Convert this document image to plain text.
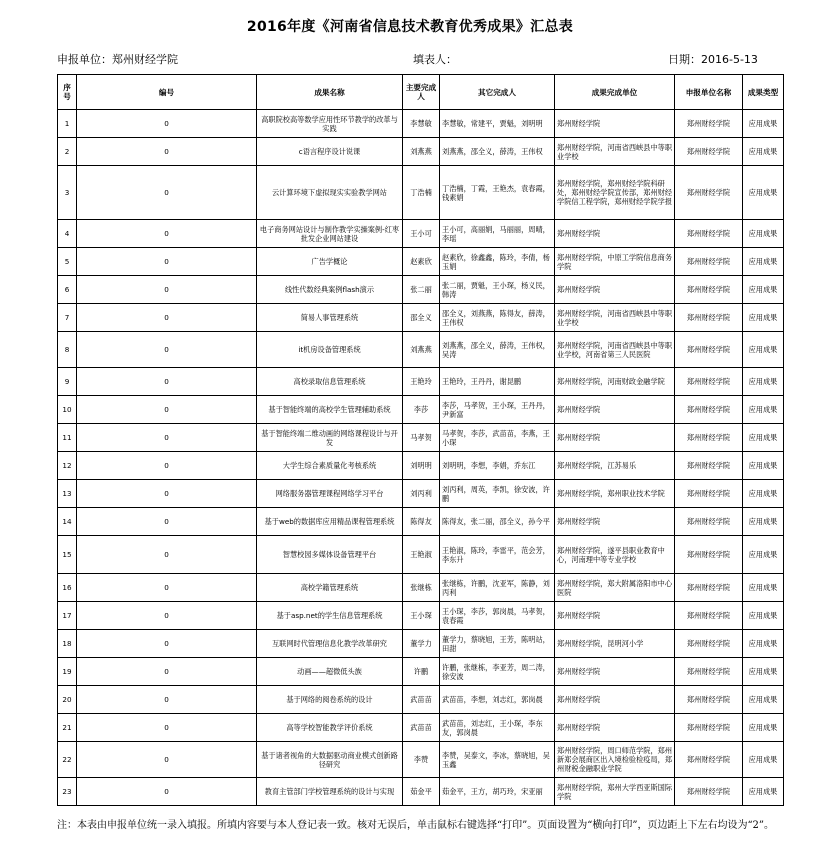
2016年度《河南省信息技术教育优秀成果》汇总表
申报单位：郑州财经学院	填表人：	日期：2016-5-13
序号	编号	成果名称	主要完成人	其它完成人	成果完成单位	申报单位名称	成果类型
1	0	高职院校高等数学应用性环节教学的改革与实践	李慧敏	李慧敏，常建平，贾魁，刘明明	郑州财经学院	郑州财经学院	应用成果
2	0	c语言程序设计说课	刘燕燕	刘燕燕，邵全义，薛涛，王伟权	郑州财经学院，河南省西峡县中等职业学校	郑州财经学院	应用成果
3	0	云计算环境下虚拟现实实验教学网站	丁浩楠	丁浩楠，丁霞，王艳杰，袁春霞，钱素娟	郑州财经学院，郑州财经学院科研处，郑州财经学院宣传部，郑州财经学院信工程学院，郑州财经学院学报	郑州财经学院	应用成果
4	0	电子商务网站设计与制作教学实操案例-红枣批发企业网站建设	王小可	王小可，高丽娟，马丽丽，周晴，李瑶	郑州财经学院	郑州财经学院	应用成果
5	0	广告学概论	赵素欣	赵素欣，徐鑫鑫，陈玲，李倩，杨玉娟	郑州财经学院，中原工学院信息商务学院	郑州财经学院	应用成果
6	0	线性代数经典案例flash演示	张二丽	张二丽，贾魁，王小琛，杨义民，韩涛	郑州财经学院	郑州财经学院	应用成果
7	0	简易人事管理系统	邵全义	邵全义，刘燕燕，陈得友，薛涛，王伟权	郑州财经学院，河南省西峡县中等职业学校	郑州财经学院	应用成果
8	0	it机房设备管理系统	刘燕燕	刘燕燕，邵全义，薛涛，王伟权，吴涛	郑州财经学院，河南省西峡县中等职业学校，河南省第三人民医院	郑州财经学院	应用成果
9	0	高校录取信息管理系统	王艳玲	王艳玲，王丹丹，谢昆鹏	郑州财经学院，河南财政金融学院	郑州财经学院	应用成果
10	0	基于智能终端的高校学生管理辅助系统	李莎	李莎，马孝贺，王小琛，王丹丹，尹新富	郑州财经学院	郑州财经学院	应用成果
11	0	基于智能终端二维动画的网络课程设计与开发	马孝贺	马孝贺，李莎，武苗苗，李燕，王小琛	郑州财经学院	郑州财经学院	应用成果
12	0	大学生综合素质量化考核系统	刘明明	刘明明，李想，李娟，乔东江	郑州财经学院，江苏易乐	郑州财经学院	应用成果
13	0	网络服务器管理课程网络学习平台	刘丙利	刘丙利，周英，李凯，徐安波，许鹏	郑州财经学院，郑州职业技术学院	郑州财经学院	应用成果
14	0	基于web的数据库应用精品课程管理系统	陈得友	陈得友，张二丽，邵全义，孙今平	郑州财经学院	郑州财经学院	应用成果
15	0	智慧校园多媒体设备管理平台	王艳淑	王艳淑，陈玲，李雷平，范会芳，李东升	郑州财经学院，遂平县职业教育中心，河南理中等专业学校	郑州财经学院	应用成果
16	0	高校学籍管理系统	张继栋	张继栋，许鹏，沈亚军，陈静，刘丙利	郑州财经学院，郑大附属洛阳市中心医院	郑州财经学院	应用成果
17	0	基于asp.net的学生信息管理系统	王小琛	王小琛，李莎，郭岗晨，马孝贺，袁春霞	郑州财经学院	郑州财经学院	应用成果
18	0	互联网时代管理信息化教学改革研究	董学力	董学力，蔡晓旭，王芳，陈明站，田甜	郑州财经学院，昆明河小学	郑州财经学院	应用成果
19	0	动画——超微低头族	许鹏	许鹏，张继栋，李亚芳，周二涛，徐安波	郑州财经学院	郑州财经学院	应用成果
20	0	基于网络的阅卷系统的设计	武苗苗	武苗苗，李想，刘志红，郭岗晨	郑州财经学院	郑州财经学院	应用成果
21	0	高等学校智能教学评价系统	武苗苗	武苗苗，刘志红，王小琛，李东友，郭岗晨	郑州财经学院	郑州财经学院	应用成果
22	0	基于诸者视角的大数据驱动商业模式创新路径研究	李赞	李赞，吴泰文，李冰，蔡晓旭，吴玉鑫	郑州财经学院，周口师范学院，郑州新郑会展商区出入境检验检疫局，郑州财税金融职业学院	郑州财经学院	应用成果
23	0	教育主管部门学校管理系统的设计与实现	茹金平	茹金平，王方，胡巧玲，宋亚丽	郑州财经学院，郑州大学西亚斯国际学院	郑州财经学院	应用成果
注：本表由申报单位统一录入填报。所填内容要与本人登记表一致。核对无误后，单击鼠标右键选择“打印”。页面设置为“横向打印”，页边距上下左右均设为“2”。
